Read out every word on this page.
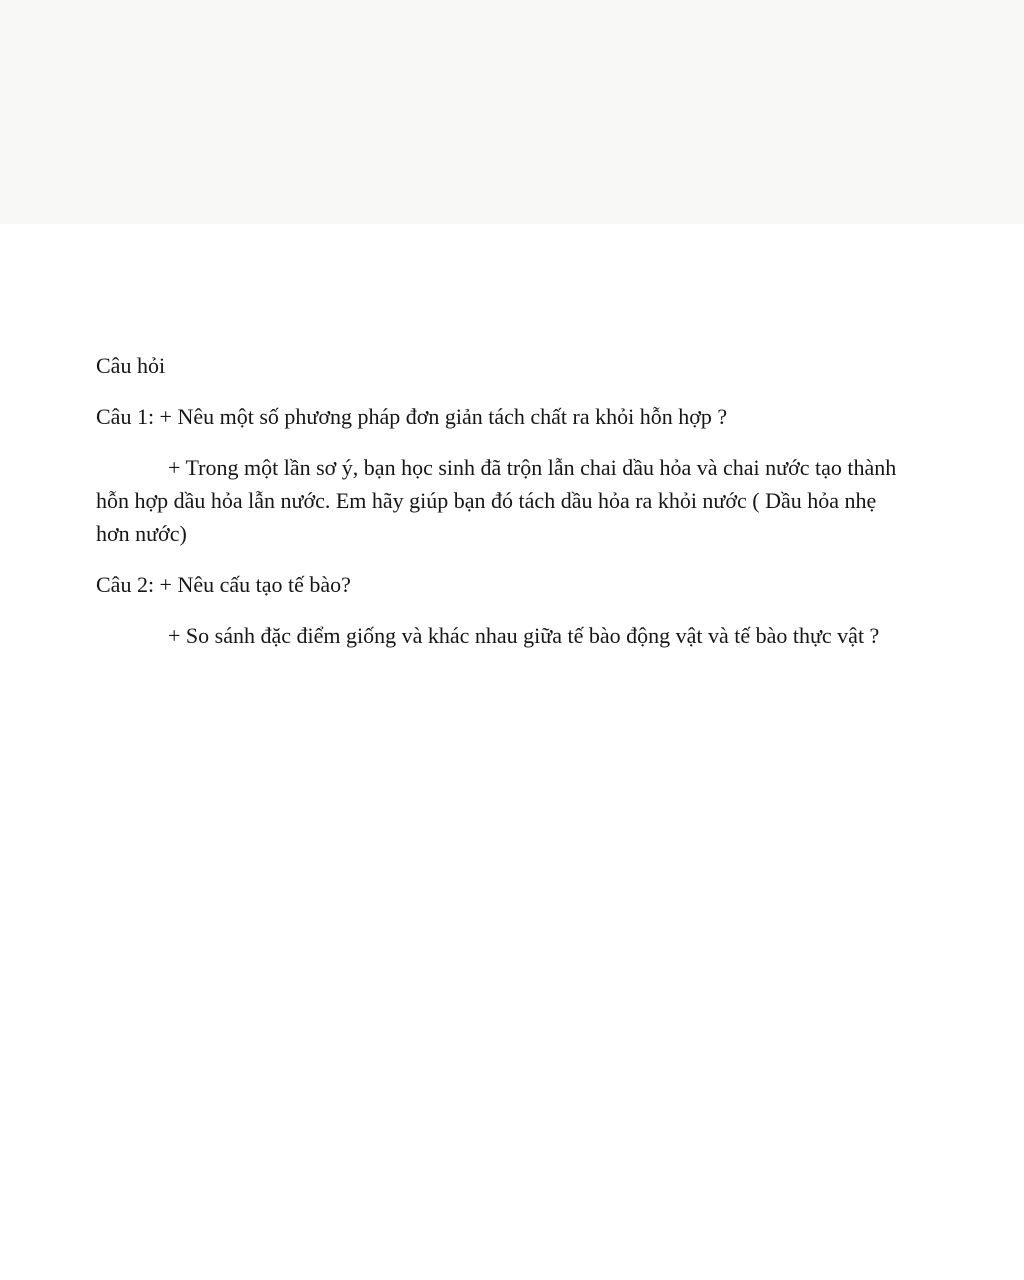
Câu hỏi

Câu 1: + Nêu một số phương pháp đơn giản tách chất ra khỏi hỗn hợp ?

+ Trong một lần sơ ý, bạn học sinh đã trộn lẫn chai dầu hỏa và chai nước tạo thành hỗn hợp dầu hỏa lẫn nước. Em hãy giúp bạn đó tách dầu hỏa ra khỏi nước ( Dầu hỏa nhẹ hơn nước)

Câu 2: + Nêu cấu tạo tế bào?

+ So sánh đặc điểm giống và khác nhau giữa tế bào động vật và tế bào thực vật ?
